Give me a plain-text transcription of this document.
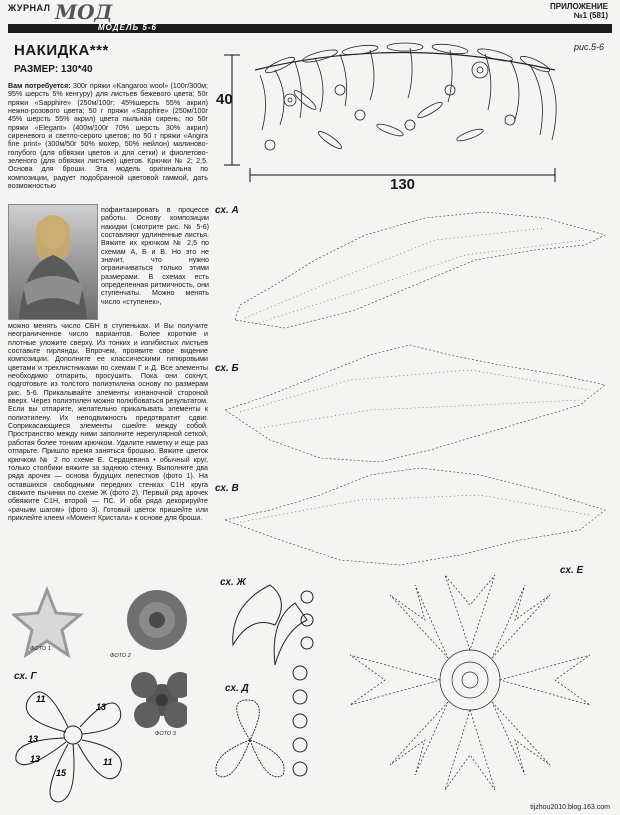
ЖУРНАЛ МОД	ПРИЛОЖЕНИЕ
№1 (581)
МОДЕЛЬ 5-6
НАКИДКА***
РАЗМЕР: 130*40
Вам потребуется: 300г пряжи «Kangaroo wool» (100г/300м; 95% шерсть 5% кенгуру) для листьев бежевого цвета; 50г пряжи «Sapphire» (250м/100г; 45%шерсть 55% акрил) нежно-розового цвета; 50 г пряжи «Sapphire» (250м/100г 45% шерсть 55% акрил) цвета пыльная сирень; по 50г пряжи «Elegant» (400м/100г 70% шерсть 30% акрил) сиреневого и светло-серого цветов; по 50 г пряжи «Angira fine print» (300м/50г 50% мохер, 50% нейлон) малиново-голубого (для обвязки цветов и для сетки) и фиолетово-зеленого (для обвязки листьев) цветов. Крючки № 2; 2,5. Основа для броши. Эта модель оригинальна по композиции, радует подобранной цветовой гаммой, дать возможностью
пофантазировать в процессе работы. Основу композиции накидки (смотрите рис. № 5-6) составляют удлиненные листья. Вяжите их крючком № 2,5 по схемам А, Б и В. Но это не значит, что нужно ограничиваться только этими размерами. В схемах есть определенная ритмичность, они ступенчаты. Можно менять число «ступенек»,
можно менять число СБН в ступеньках. И Вы получите неограниченное число вариантов. Более короткие и плотные уложите сверху. Из тонких и изгибистых листьев составьте гирлянды. Впрочем, проявите свое видение композиции. Дополните ее классическими гипюровыми цветами и трехлистниками по схемам Г и Д. Все элементы необходимо отпарить, просушить. Пока они сохнут, подготовьте из толстого полиэтилена основу по размерам рис. 5-6. Прикалывайте элементы изнаночной стороной вверх. Через полиэтилен можно полюбоваться результатом. Если вы отпарите, желательно прикалывать элементы к полиэтилену. Их неподвижность предотвратит сдвиг. Соприкасающиеся элементы сшейте между собой. Пространство между ними заполните нерегулярной сеткой, работая более тонким крючком. Удалите наметку и еще раз отпарьте. Пришло время заняться брошью. Вяжите цветок крючком № 2 по схеме Е. Сердцевина • обычный круг, только столбики вяжите за заднюю стенку. Выполните два ряда арочек — основа будущих лепестков (фото 1). На оставшихся свободными передних стенках С1Н круга свяжите пычинки по схеме Ж (фото 2). Первый ряд арочек обвяжите С1Н, второй — ПС. И оба ряда декорируйте «рачьим шагом» (фото 3). Готовый цветок пришейте или приклейте клеем «Момент Кристала» к основе для броши.
рис.5-6
40
130
сх. А
сх. Б
сх. В
сх. Ж
сх. Д
сх. Е
ФОТО 1
ФОТО 2
ФОТО 3
сх. Г
11
13
11
13
15
13
tijzhou2010.blog.163.com
